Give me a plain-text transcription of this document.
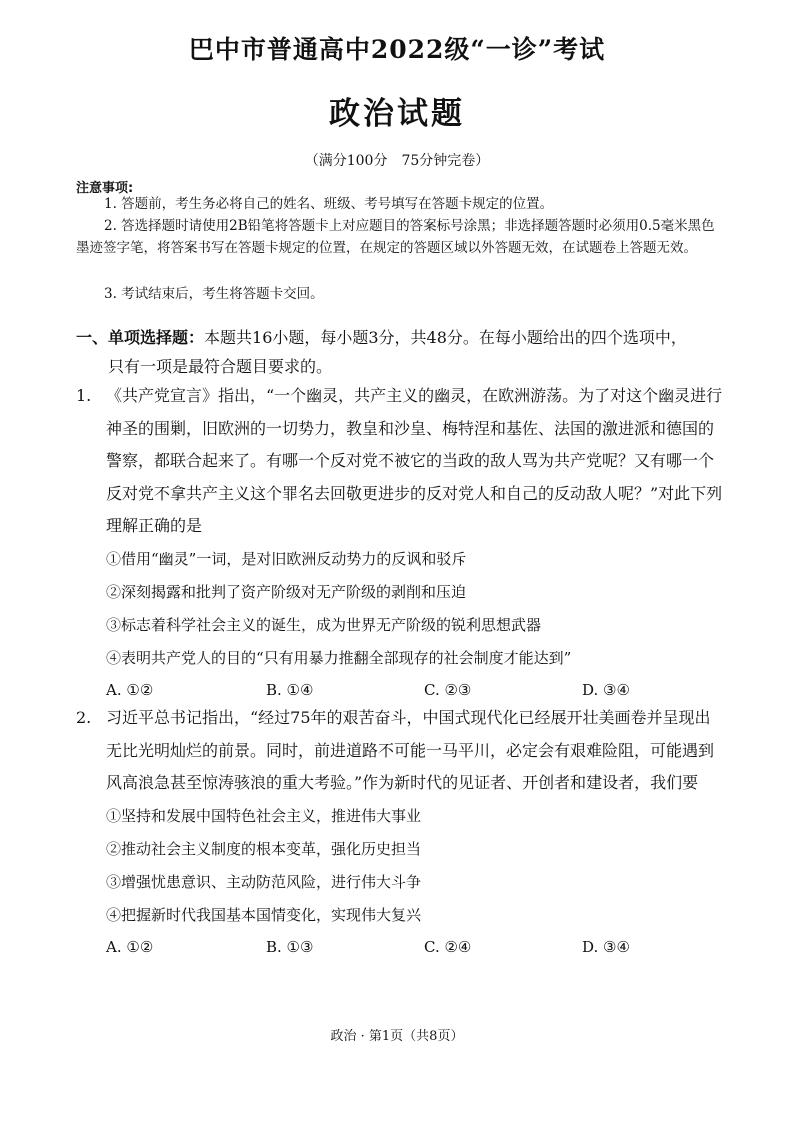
巴中市普通高中2022级“一诊”考试
政治试题
（满分100分　75分钟完卷）
注意事项:
1. 答题前，考生务必将自己的姓名、班级、考号填写在答题卡规定的位置。
2. 答选择题时请使用2B铅笔将答题卡上对应题目的答案标号涂黑；非选择题答题时必须用0.5毫米黑色墨迹签字笔，将答案书写在答题卡规定的位置，在规定的答题区域以外答题无效，在试题卷上答题无效。
3. 考试结束后，考生将答题卡交回。
一、单项选择题：本题共16小题，每小题3分，共48分。在每小题给出的四个选项中，
只有一项是最符合题目要求的。
1. 《共产党宣言》指出，“一个幽灵，共产主义的幽灵，在欧洲游荡。为了对这个幽灵进行神圣的围剿，旧欧洲的一切势力，教皇和沙皇、梅特涅和基佐、法国的激进派和德国的警察，都联合起来了。有哪一个反对党不被它的当政的敌人骂为共产党呢？又有哪一个反对党不拿共产主义这个罪名去回敬更进步的反对党人和自己的反动敌人呢？”对此下列理解正确的是
①借用“幽灵”一词，是对旧欧洲反动势力的反讽和驳斥
②深刻揭露和批判了资产阶级对无产阶级的剥削和压迫
③标志着科学社会主义的诞生，成为世界无产阶级的锐利思想武器
④表明共产党人的目的“只有用暴力推翻全部现存的社会制度才能达到”
A. ①②	B. ①④	C. ②③	D. ③④
2. 习近平总书记指出，“经过75年的艰苦奋斗，中国式现代化已经展开壮美画卷并呈现出无比光明灿烂的前景。同时，前进道路不可能一马平川，必定会有艰难险阻，可能遇到风高浪急甚至惊涛骇浪的重大考验。”作为新时代的见证者、开创者和建设者，我们要
①坚持和发展中国特色社会主义，推进伟大事业
②推动社会主义制度的根本变革，强化历史担当
③增强忧患意识、主动防范风险，进行伟大斗争
④把握新时代我国基本国情变化，实现伟大复兴
A. ①②	B. ①③	C. ②④	D. ③④
政治 · 第1页（共8页）
